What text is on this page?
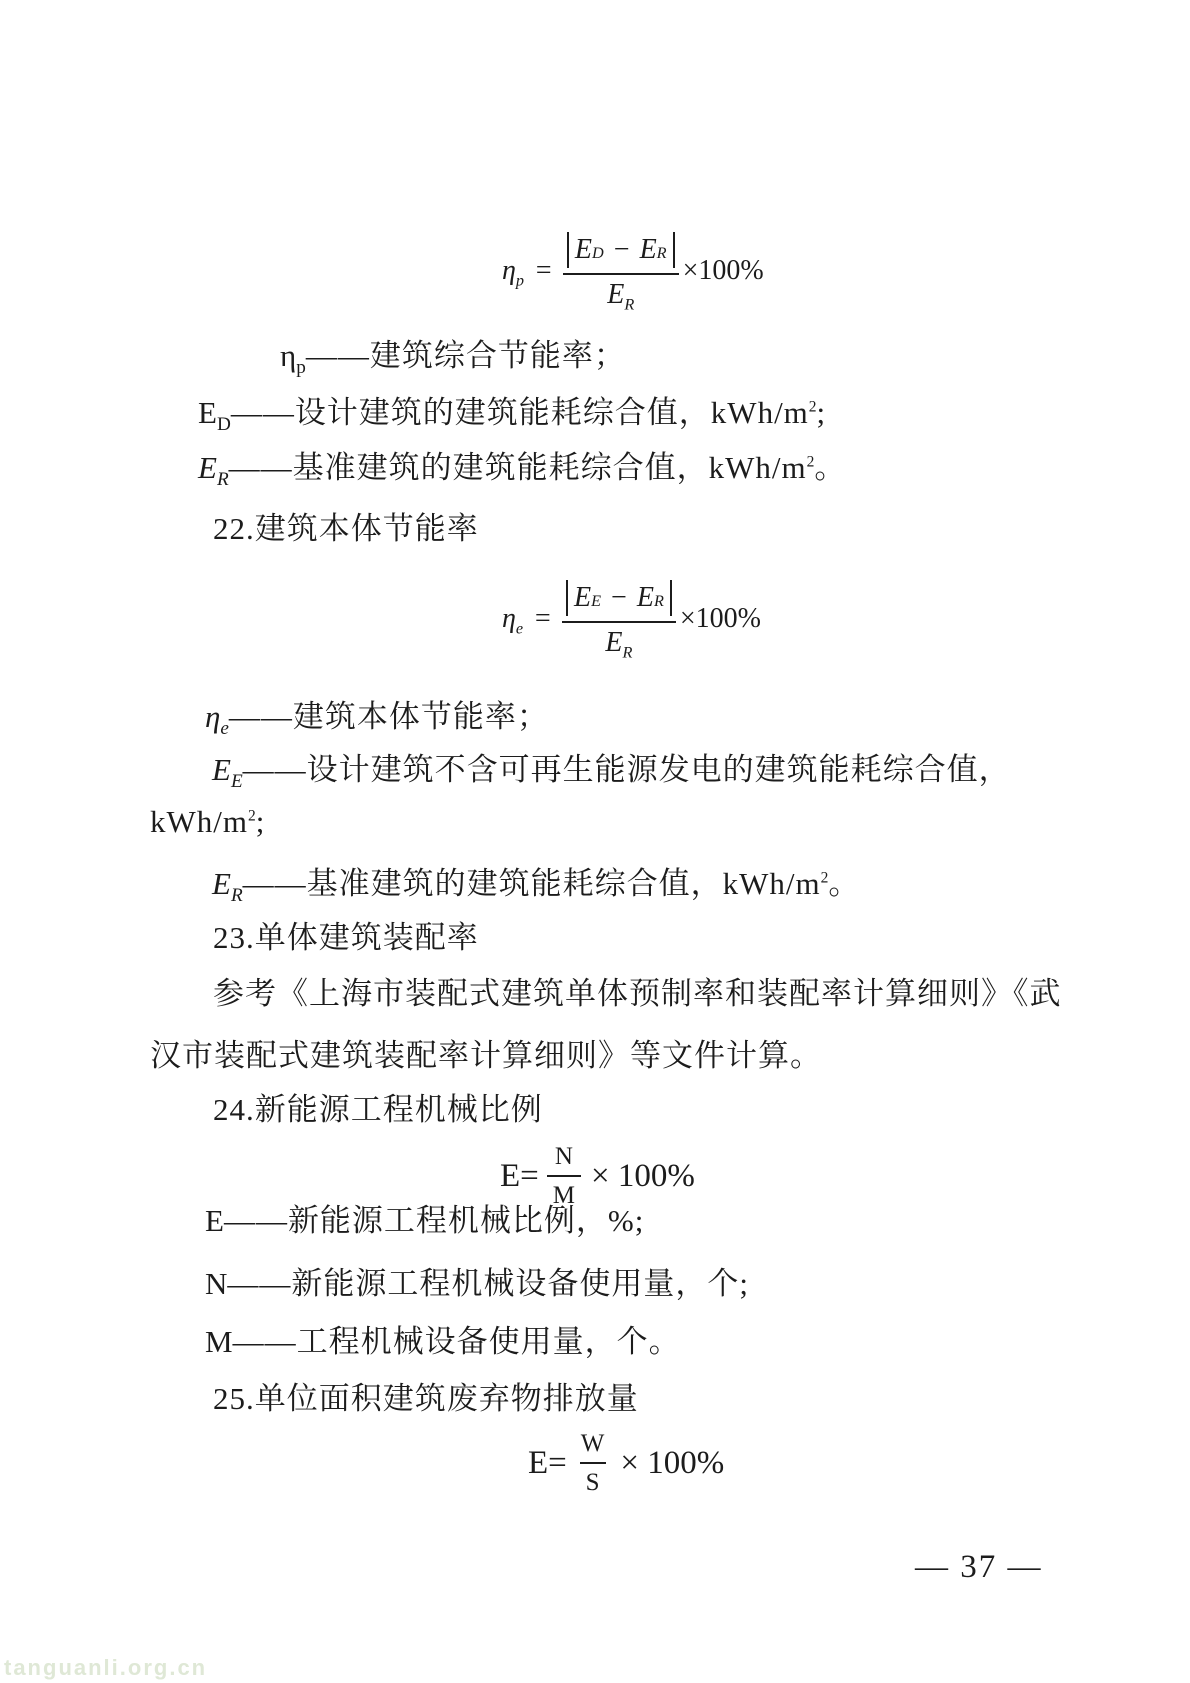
$\eta_p = \frac{\text{E D − E R}}{E_R} \times 100\%$
$\eta_p——$建筑综合节能率；
$E_D——$设计建筑的建筑能耗综合值，kWh/$m^2$;
$E_R——$基准建筑的建筑能耗综合值，kWh/$m^2$。
22.建筑本体节能率
$\eta_e = \frac{\text{E E − E R}}{E_R} \times 100\%$
$\eta_e——$建筑本体节能率；
$E_E——$设计建筑不含可再生能源发电的建筑能耗综合值，
kWh/$m^2$;
$E_R——$基准建筑的建筑能耗综合值，kWh/$m^2$。
23.单体建筑装配率
参考《上海市装配式建筑单体预制率和装配率计算细则》《武
汉市装配式建筑装配率计算细则》等文件计算。
24.新能源工程机械比例
$E= \frac{N}{M} \times 100\%$
E——新能源工程机械比例，%;
N——新能源工程机械设备使用量，个;
M——工程机械设备使用量，个。
25.单位面积建筑废弃物排放量
$E= \frac{W}{S} \times 100\%$
— 37 —
tanguanli.org.cn
